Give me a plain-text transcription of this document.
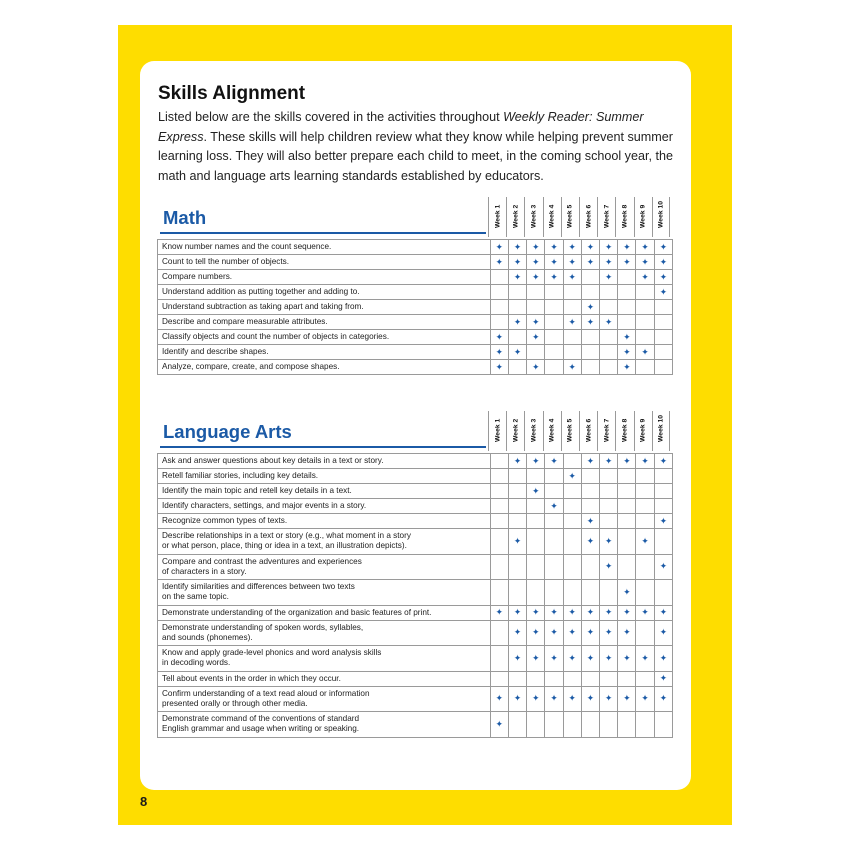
Skills Alignment

Listed below are the skills covered in the activities throughout Weekly Reader: Summer Express. These skills will help children review what they know while helping prevent summer learning loss. They will also better prepare each child to meet, in the coming school year, the math and language arts learning standards established by educators.

Math	Week 1 Week 2 Week 3 Week 4 Week 5 Week 6 Week 7 Week 8 Week 9 Week 10
Know number names and the count sequence.	✦	✦	✦	✦	✦	✦	✦	✦	✦	✦
Count to tell the number of objects.	✦	✦	✦	✦	✦	✦	✦	✦	✦	✦
Compare numbers.		✦	✦	✦	✦		✦		✦	✦
Understand addition as putting together and adding to.										✦
Understand subtraction as taking apart and taking from.						✦				
Describe and compare measurable attributes.		✦	✦		✦	✦	✦			
Classify objects and count the number of objects in categories.	✦		✦					✦		
Identify and describe shapes.	✦	✦						✦	✦	
Analyze, compare, create, and compose shapes.	✦		✦		✦			✦		
Language Arts	Week 1 Week 2 Week 3 Week 4 Week 5 Week 6 Week 7 Week 8 Week 9 Week 10
Ask and answer questions about key details in a text or story.		✦	✦	✦		✦	✦	✦	✦	✦
Retell familiar stories, including key details.					✦					
Identify the main topic and retell key details in a text.			✦							
Identify characters, settings, and major events in a story.				✦						
Recognize common types of texts.						✦				✦
Describe relationships in a text or story (e.g., what moment in a story
or what person, place, thing or idea in a text, an illustration depicts).		✦				✦	✦		✦	
Compare and contrast the adventures and experiences
of characters in a story.							✦			✦
Identify similarities and differences between two texts
on the same topic.								✦		
Demonstrate understanding of the organization and basic features of print.	✦	✦	✦	✦	✦	✦	✦	✦	✦	✦
Demonstrate understanding of spoken words, syllables,
and sounds (phonemes).		✦	✦	✦	✦	✦	✦	✦		✦
Know and apply grade-level phonics and word analysis skills
in decoding words.		✦	✦	✦	✦	✦	✦	✦	✦	✦
Tell about events in the order in which they occur.										✦
Confirm understanding of a text read aloud or information
presented orally or through other media.	✦	✦	✦	✦	✦	✦	✦	✦	✦	✦
Demonstrate command of the conventions of standard
English grammar and usage when writing or speaking.	✦									
8
